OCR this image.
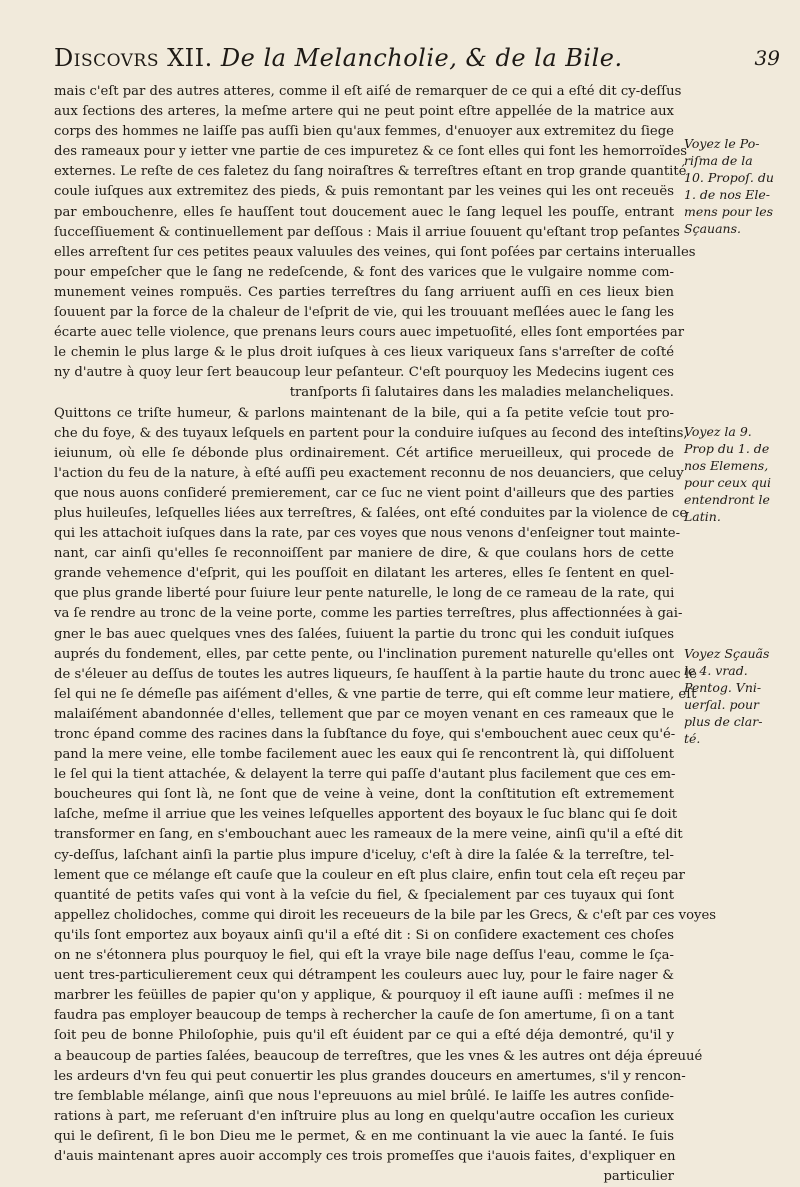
Discovrs XII. De la Melancholie, & de la Bile.	39
mais c'eſt par des autres atteres, comme il eſt aiſé de remarquer de ce qui a eſté dit cy-deſſus
aux ſections des arteres, la meſme artere qui ne peut point eſtre appellée de la matrice aux
corps des hommes ne laiſſe pas auſſi bien qu'aux femmes, d'enuoyer aux extremitez du ſiege
des rameaux pour y ietter vne partie de ces impuretez & ce ſont elles qui font les hemorroïdes
externes. Le reſte de ces faletez du ſang noiraſtres & terreſtres eſtant en trop grande quantité
coule iuſques aux extremitez des pieds, & puis remontant par les veines qui les ont receuës
par embouchenre, elles ſe hauſſent tout doucement auec le ſang lequel les pouſſe, entrant
ſucceſſiuement & continuellement par deſſous : Mais il arriue ſouuent qu'eſtant trop peſantes
elles arreſtent ſur ces petites peaux valuules des veines, qui ſont poſées par certains interualles
pour empeſcher que le ſang ne redeſcende, & font des varices que le vulgaire nomme com-
munement veines rompuës. Ces parties terreſtres du ſang arriuent auſſi en ces lieux bien
ſouuent par la force de la chaleur de l'eſprit de vie, qui les trouuant meſlées auec le ſang les
écarte auec telle violence, que prenans leurs cours auec impetuoſité, elles ſont emportées par
le chemin le plus large & le plus droit iuſques à ces lieux variqueux ſans s'arreſter de coſté
ny d'autre à quoy leur ſert beaucoup leur peſanteur. C'eſt pourquoy les Medecins iugent ces
tranſports ſi ſalutaires dans les maladies melancheliques.
Quittons ce triſte humeur, & parlons maintenant de la bile, qui a ſa petite veſcie tout pro-
che du foye, & des tuyaux leſquels en partent pour la conduire iuſques au ſecond des inteſtins,
ieiunum, où elle ſe débonde plus ordinairement. Cét artifice merueilleux, qui procede de
l'action du feu de la nature, à eſté auſſi peu exactement reconnu de nos deuanciers, que celuy
que nous auons conſideré premierement, car ce ſuc ne vient point d'ailleurs que des parties
plus huileuſes, leſquelles liées aux terreſtres, & ſalées, ont eſté conduites par la violence de ce
qui les attachoit iuſques dans la rate, par ces voyes que nous venons d'enſeigner tout mainte-
nant, car ainſi qu'elles ſe reconnoiſſent par maniere de dire, & que coulans hors de cette
grande vehemence d'eſprit, qui les pouſſoit en dilatant les arteres, elles ſe ſentent en quel-
que plus grande liberté pour ſuiure leur pente naturelle, le long de ce rameau de la rate, qui
va ſe rendre au tronc de la veine porte, comme les parties terreſtres, plus affectionnées à gai-
gner le bas auec quelques vnes des ſalées, ſuiuent la partie du tronc qui les conduit iuſques
auprés du fondement, elles, par cette pente, ou l'inclination purement naturelle qu'elles ont
de s'éleuer au deſſus de toutes les autres liqueurs, ſe hauſſent à la partie haute du tronc auec le
ſel qui ne ſe démeſle pas aiſément d'elles, & vne partie de terre, qui eſt comme leur matiere, eſt
malaiſément abandonnée d'elles, tellement que par ce moyen venant en ces rameaux que le
tronc épand comme des racines dans la ſubſtance du foye, qui s'embouchent auec ceux qu'é-
pand la mere veine, elle tombe facilement auec les eaux qui ſe rencontrent là, qui diſſoluent
le ſel qui la tient attachée, & delayent la terre qui paſſe d'autant plus facilement que ces em-
boucheures qui ſont là, ne ſont que de veine à veine, dont la conſtitution eſt extremement
laſche, meſme il arriue que les veines leſquelles apportent des boyaux le ſuc blanc qui ſe doit
transformer en ſang, en s'embouchant auec les rameaux de la mere veine, ainſi qu'il a eſté dit
cy-deſſus, laſchant ainſi la partie plus impure d'iceluy, c'eſt à dire la ſalée & la terreſtre, tel-
lement que ce mélange eſt cauſe que la couleur en eſt plus claire, enfin tout cela eſt reçeu par
quantité de petits vaſes qui vont à la veſcie du fiel, & ſpecialement par ces tuyaux qui ſont
appellez cholidoches, comme qui diroit les receueurs de la bile par les Grecs, & c'eſt par ces voyes
qu'ils ſont emportez aux boyaux ainſi qu'il a eſté dit : Si on conſidere exactement ces choſes
on ne s'étonnera plus pourquoy le fiel, qui eſt la vraye bile nage deſſus l'eau, comme le ſça-
uent tres-particulierement ceux qui détrampent les couleurs auec luy, pour le faire nager &
marbrer les feüilles de papier qu'on y applique, & pourquoy il eſt iaune auſſi : meſmes il ne
faudra pas employer beaucoup de temps à rechercher la cauſe de ſon amertume, ſi on a tant
ſoit peu de bonne Philoſophie, puis qu'il eſt éuident par ce qui a eſté déja demontré, qu'il y
a beaucoup de parties ſalées, beaucoup de terreſtres, que les vnes & les autres ont déja épreuué
les ardeurs d'vn feu qui peut conuertir les plus grandes douceurs en amertumes, s'il y rencon-
tre ſemblable mélange, ainſi que nous l'epreuuons au miel brûlé. Ie laiſſe les autres conſide-
rations à part, me reſeruant d'en inſtruire plus au long en quelqu'autre occaſion les curieux
qui le deſirent, ſi le bon Dieu me le permet, & en me continuant la vie auec la ſanté. Ie ſuis
d'auis maintenant apres auoir accomply ces trois promeſſes que i'auois faites, d'expliquer en
particulier
Voyez le Po-
riſma de la
10. Propoſ. du
1. de nos Ele-
mens pour les
Sçauans.
Voyez la 9.
Prop du 1. de
nos Elemens,
pour ceux qui
entendront le
Latin.
Voyez Sçauãs
le 4. vrad.
Pentog. Vni-
uerſal. pour
plus de clar-
té.
